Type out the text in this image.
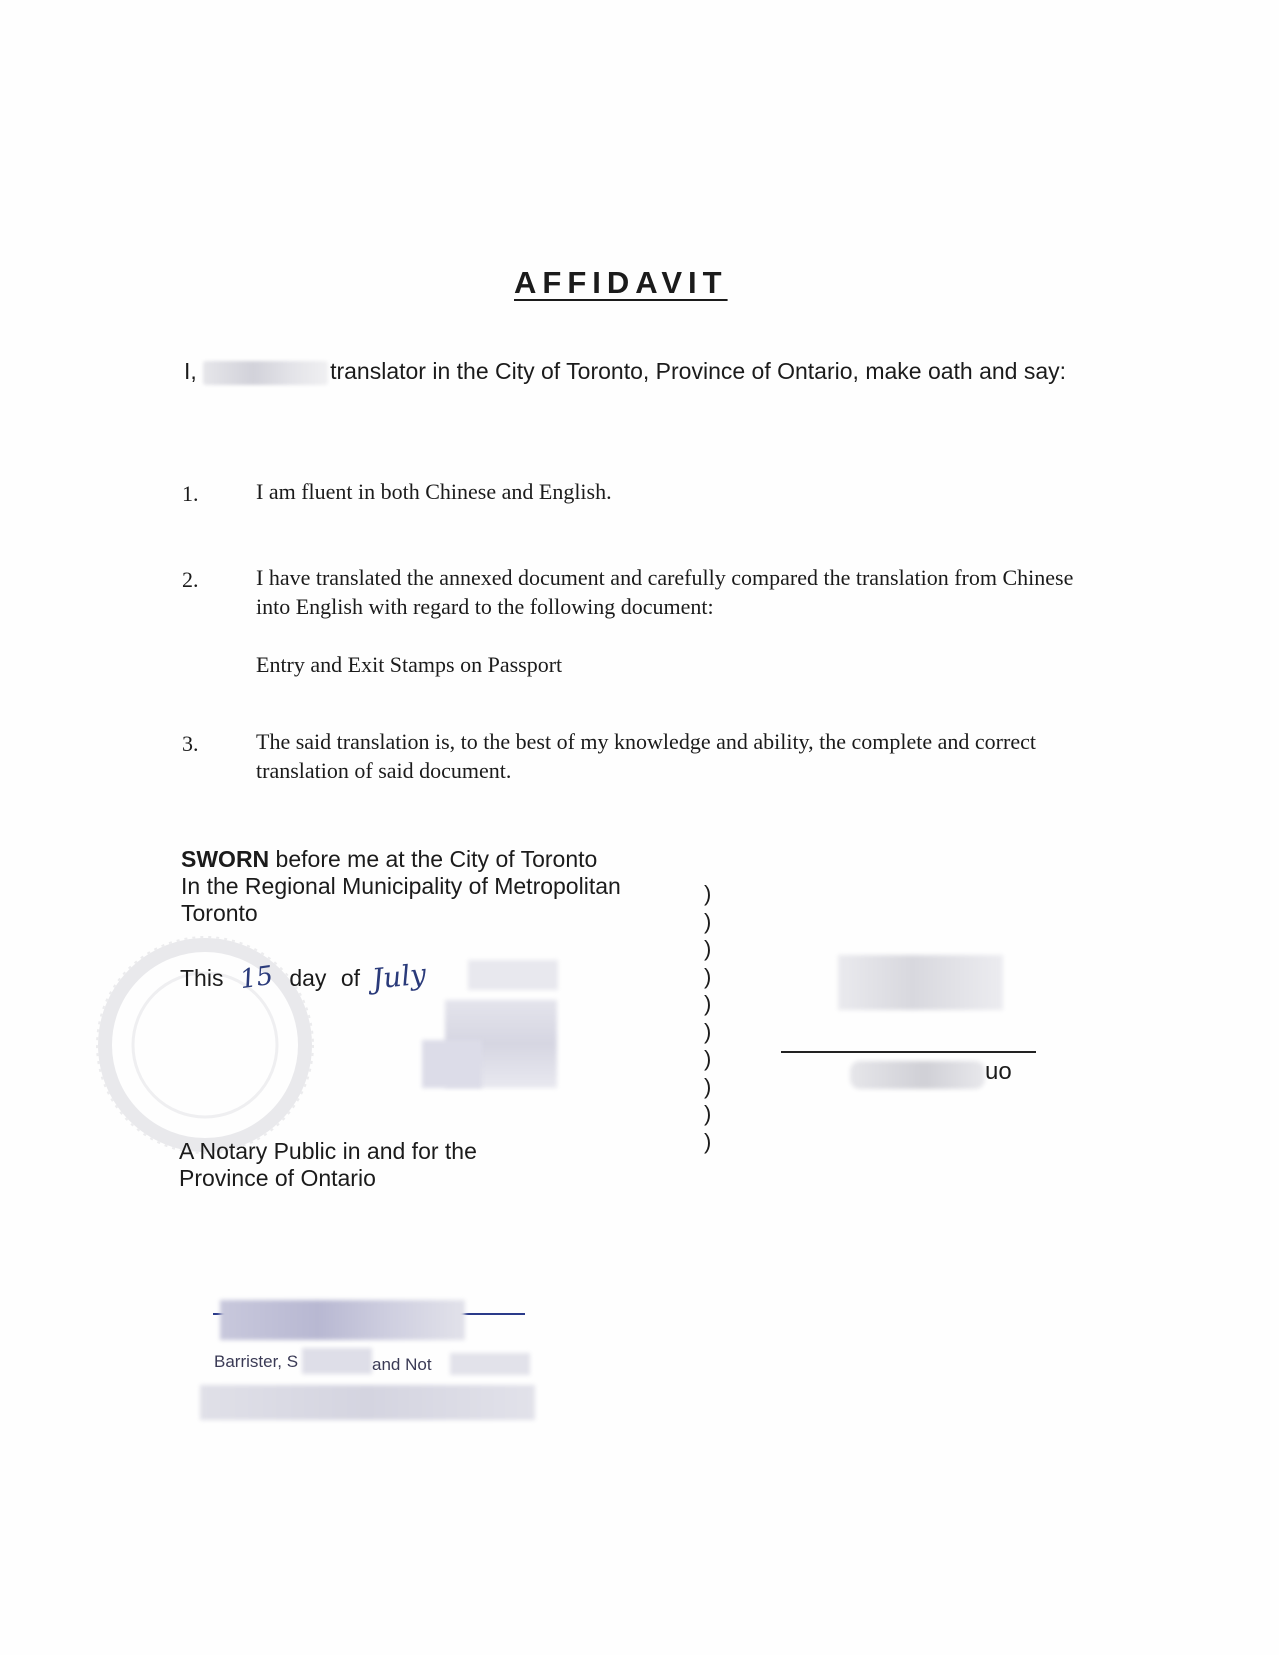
AFFIDAVIT
I,  	translator in the City of Toronto, Province of Ontario, make oath and say:
1.	I am fluent in both Chinese and English.
2.	I have translated the annexed document and carefully compared the translation from Chinese into English with regard to the following document:
Entry and Exit Stamps on Passport
3.	The said translation is, to the best of my knowledge and ability, the complete and correct translation of said document.
SWORN before me at the City of Toronto
In the Regional Municipality of Metropolitan
Toronto
)
)
)
)
)
)
)
)
)
)
This 15 day of July
A Notary Public in and for the
Province of Ontario
uo
Barrister, S	and Not
